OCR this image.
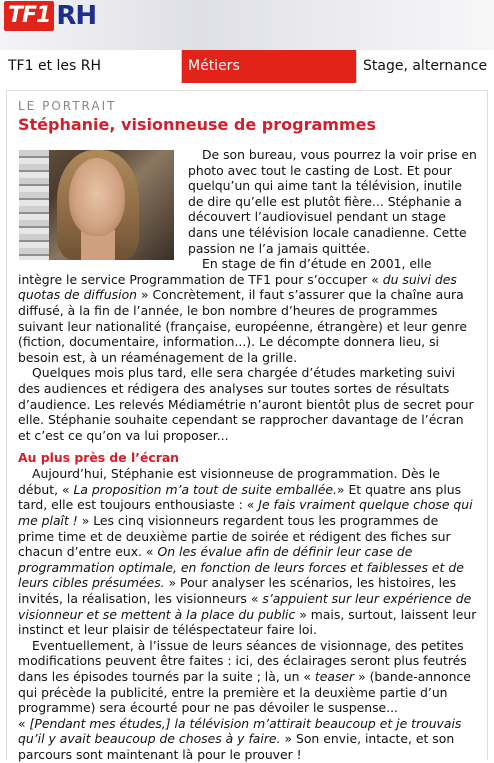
TF1 RH
TF1 et les RH	Métiers	Stage, alternance
LE PORTRAIT
Stéphanie, visionneuse de programmes

De son bureau, vous pourrez la voir prise en photo avec tout le casting de Lost. Et pour quelqu’un qui aime tant la télévision, inutile de dire qu’elle est plutôt fière... Stéphanie a découvert l’audiovisuel pendant un stage dans une télévision locale canadienne. Cette passion ne l’a jamais quittée.

En stage de fin d’étude en 2001, elle intègre le service Programmation de TF1 pour s’occuper « du suivi des quotas de diffusion » Concrètement, il faut s’assurer que la chaîne aura diffusé, à la fin de l’année, le bon nombre d’heures de programmes suivant leur nationalité (française, européenne, étrangère) et leur genre (fiction, documentaire, information...). Le décompte donnera lieu, si besoin est, à un réaménagement de la grille.

Quelques mois plus tard, elle sera chargée d’études marketing suivi des audiences et rédigera des analyses sur toutes sortes de résultats d’audience. Les relevés Médiamétrie n’auront bientôt plus de secret pour elle. Stéphanie souhaite cependant se rapprocher davantage de l’écran et c’est ce qu’on va lui proposer...

Au plus près de l’écran

Aujourd’hui, Stéphanie est visionneuse de programmation. Dès le début, « La proposition m’a tout de suite emballée.» Et quatre ans plus tard, elle est toujours enthousiaste : « Je fais vraiment quelque chose qui me plaît ! » Les cinq visionneurs regardent tous les programmes de prime time et de deuxième partie de soirée et rédigent des fiches sur chacun d’entre eux. « On les évalue afin de définir leur case de programmation optimale, en fonction de leurs forces et faiblesses et de leurs cibles présumées. » Pour analyser les scénarios, les histoires, les invités, la réalisation, les visionneurs « s’appuient sur leur expérience de visionneur et se mettent à la place du public » mais, surtout, laissent leur instinct et leur plaisir de téléspectateur faire loi.

Eventuellement, à l’issue de leurs séances de visionnage, des petites modifications peuvent être faites : ici, des éclairages seront plus feutrés dans les épisodes tournés par la suite ; là, un « teaser » (bande-annonce qui précède la publicité, entre la première et la deuxième partie d’un programme) sera écourté pour ne pas dévoiler le suspense...

« [Pendant mes études,] la télévision m’attirait beaucoup et je trouvais qu’il y avait beaucoup de choses à y faire. » Son envie, intacte, et son parcours sont maintenant là pour le prouver !
